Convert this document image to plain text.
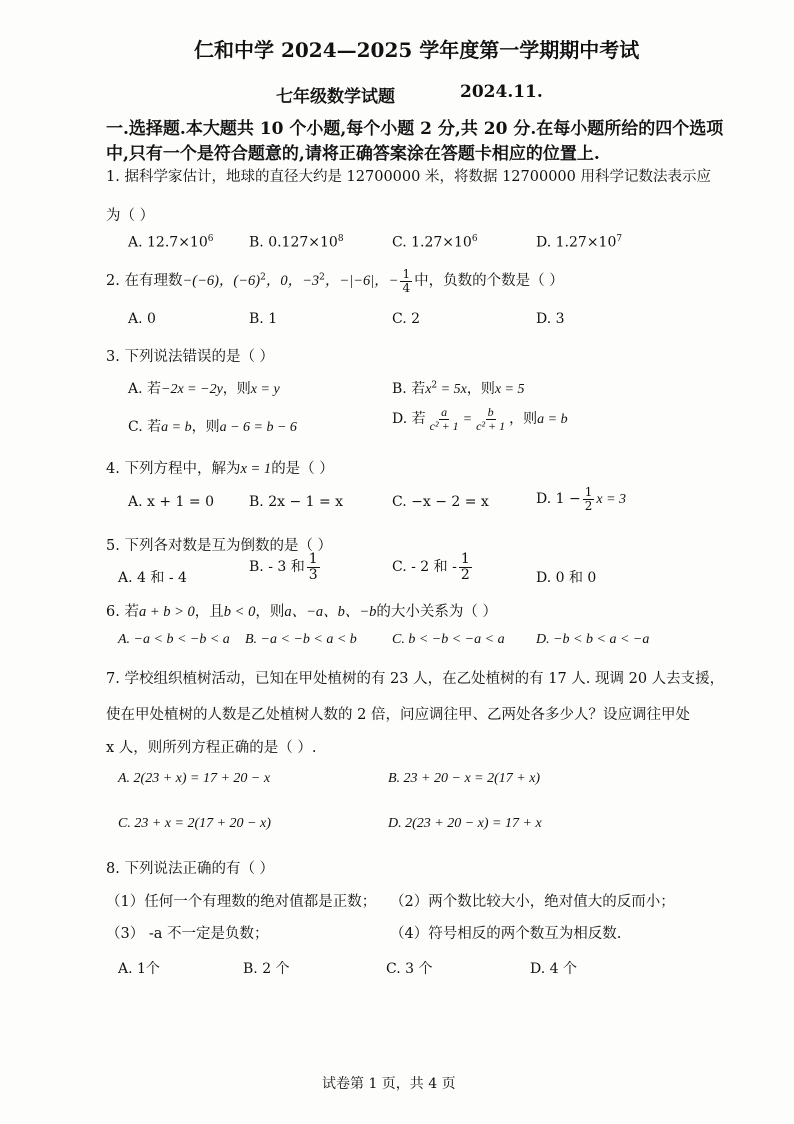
仁和中学 2024—2025 学年度第一学期期中考试
七年级数学试题	2024.11.
一.选择题.本大题共 10 个小题,每个小题 2 分,共 20 分.在每小题所给的四个选项
中,只有一个是符合题意的,请将正确答案涂在答题卡相应的位置上.
1. 据科学家估计，地球的直径大约是 12700000 米，将数据 12700000 用科学记数法表示应
为（ ）
A. $12.7\times 10^6$	B. $0.127\times 10^8$	C. $1.27\times 10^6$	D. $1.27\times 10^7$
2. 在有理数−(−6)，$(-6)^2$，0，$-3^2$，−|−6|，− $\frac{1}{4}$ 中，负数的个数是（ ）
A. 0	B. 1	C. 2	D. 3
3. 下列说法错误的是（ ）
A. 若−2x = −2y，则x = y	B. 若$x^2 = 5x$，则x = 5
C. 若a = b，则a − 6 = b − 6
D. 若 $\frac{a}{\text{c² + 1}} = \frac{b}{\text{c² + 1}}$ ，则a = b
4. 下列方程中，解为x = 1的是（ ）
A. x + 1 = 0	B. 2x − 1 = x	C. −x − 2 = x	D. $1 - \frac{1}{2}$ x = 3
5. 下列各对数是互为倒数的是（ ）
A. 4 和 - 4
B. - 3 和 $\frac{1}{3}$	C. - 2 和 - $\frac{1}{2}$	D. 0 和 0
6. 若a + b > 0，且b < 0，则a、−a、b、−b的大小关系为（ ）
A. −a < b < −b < a B. −a < −b < a < b	C. b < −b < −a < a D. −b < b < a < −a
7. 学校组织植树活动，已知在甲处植树的有 23 人，在乙处植树的有 17 人. 现调 20 人去支援，
使在甲处植树的人数是乙处植树人数的 2 倍，问应调往甲、乙两处各多少人？设应调往甲处
x 人，则所列方程正确的是（ ）.
A. 2(23 + x) = 17 + 20 − x	B. 23 + 20 − x = 2(17 + x)
C. 23 + x = 2(17 + 20 − x)	D. 2(23 + 20 − x) = 17 + x
8. 下列说法正确的有（ ）
（1）任何一个有理数的绝对值都是正数； （2）两个数比较大小，绝对值大的反而小；
（3） -a 不一定是负数；	（4）符号相反的两个数互为相反数.
A. 1个	B. 2 个	C. 3 个	D. 4 个
试卷第 1 页，共 4 页
